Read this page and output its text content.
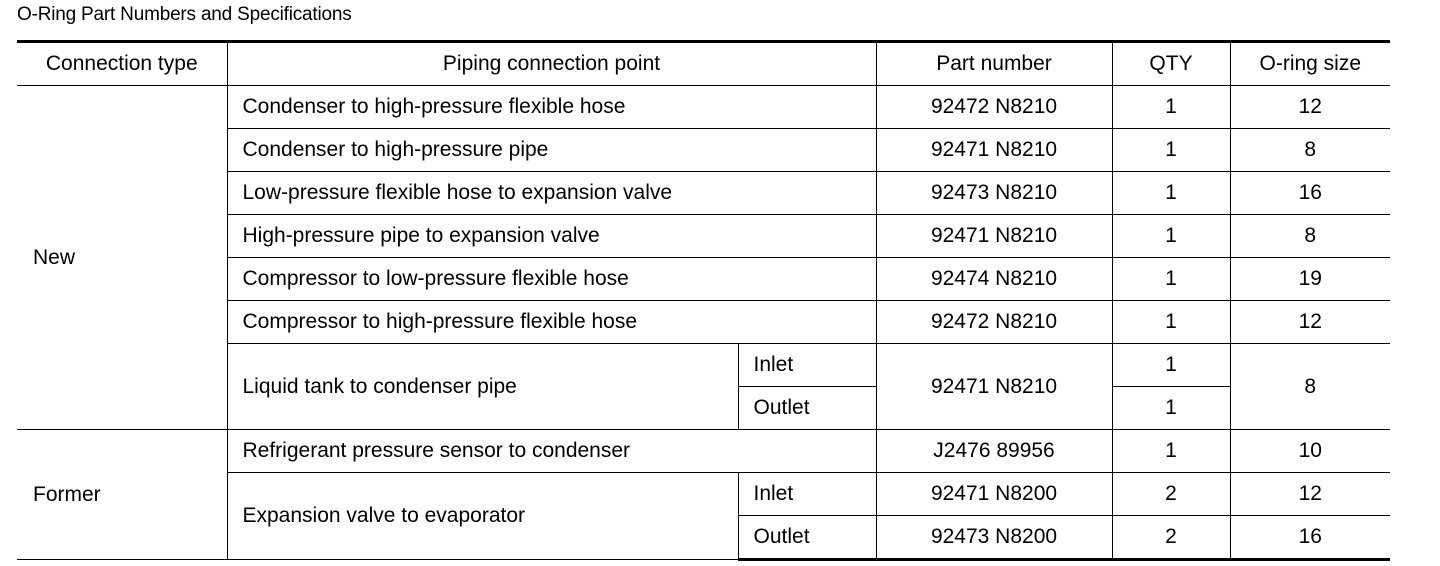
O-Ring Part Numbers and Specifications
Connection type	Piping connection point		Part number	QTY	O-ring size
New	Condenser to high-pressure flexible hose		92472 N8210	1	12
	Condenser to high-pressure pipe		92471 N8210	1	8
	Low-pressure flexible hose to expansion valve		92473 N8210	1	16
	High-pressure pipe to expansion valve		92471 N8210	1	8
	Compressor to low-pressure flexible hose		92474 N8210	1	19
	Compressor to high-pressure flexible hose		92472 N8210	1	12
	Liquid tank to condenser pipe	Inlet	92471 N8210	1	8
		Outlet		1	
Former	Refrigerant pressure sensor to condenser		J2476 89956	1	10
	Expansion valve to evaporator	Inlet	92471 N8200	2	12
		Outlet	92473 N8200	2	16
